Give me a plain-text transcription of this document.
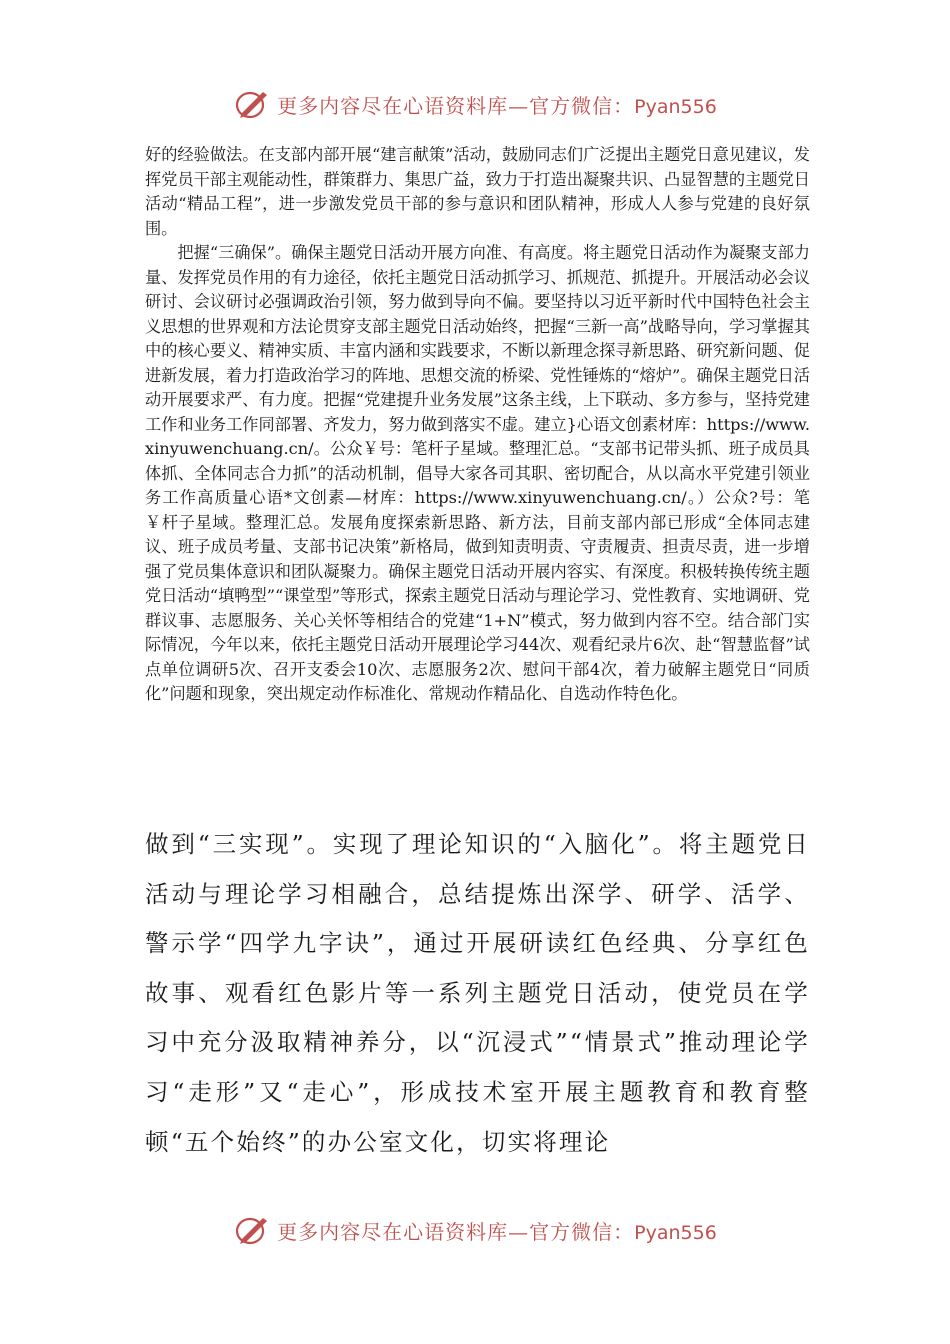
更多内容尽在心语资料库—官方微信：Pyan556

好的经验做法。在支部内部开展“建言献策”活动，鼓励同志们广泛提出主题党日意见建议，发挥党员干部主观能动性，群策群力、集思广益，致力于打造出凝聚共识、凸显智慧的主题党日活动“精品工程”，进一步激发党员干部的参与意识和团队精神，形成人人参与党建的良好氛围。

把握“三确保”。确保主题党日活动开展方向准、有高度。将主题党日活动作为凝聚支部力量、发挥党员作用的有力途径，依托主题党日活动抓学习、抓规范、抓提升。开展活动必会议研讨、会议研讨必强调政治引领，努力做到导向不偏。要坚持以习近平新时代中国特色社会主义思想的世界观和方法论贯穿支部主题党日活动始终，把握“三新一高”战略导向，学习掌握其中的核心要义、精神实质、丰富内涵和实践要求，不断以新理念探寻新思路、研究新问题、促进新发展，着力打造政治学习的阵地、思想交流的桥梁、党性锤炼的“熔炉”。确保主题党日活动开展要求严、有力度。把握“党建提升业务发展”这条主线，上下联动、多方参与，坚持党建工作和业务工作同部署、齐发力，努力做到落实不虚。建立}心语文创素材库：https://www.xinyuwenchuang.cn/。公众￥号：笔杆子星域。整理汇总。“支部书记带头抓、班子成员具体抓、全体同志合力抓”的活动机制，倡导大家各司其职、密切配合，从以高水平党建引领业务工作高质量心语*文创素—材库：https://www.xinyuwenchuang.cn/。）公众?号：笔￥杆子星域。整理汇总。发展角度探索新思路、新方法，目前支部内部已形成“全体同志建议、班子成员考量、支部书记决策”新格局，做到知责明责、守责履责、担责尽责，进一步增强了党员集体意识和团队凝聚力。确保主题党日活动开展内容实、有深度。积极转换传统主题党日活动“填鸭型”“课堂型”等形式，探索主题党日活动与理论学习、党性教育、实地调研、党群议事、志愿服务、关心关怀等相结合的党建“1+N”模式，努力做到内容不空。结合部门实际情况，今年以来，依托主题党日活动开展理论学习44次、观看纪录片6次、赴“智慧监督”试点单位调研5次、召开支委会10次、志愿服务2次、慰问干部4次，着力破解主题党日“同质化”问题和现象，突出规定动作标准化、常规动作精品化、自选动作特色化。

做到“三实现”。实现了理论知识的“入脑化”。将主题党日活动与理论学习相融合，总结提炼出深学、研学、活学、警示学“四学九字诀”，通过开展研读红色经典、分享红色故事、观看红色影片等一系列主题党日活动，使党员在学习中充分汲取精神养分，以“沉浸式”“情景式”推动理论学习“走形”又“走心”，形成技术室开展主题教育和教育整顿“五个始终”的办公室文化，切实将理论

更多内容尽在心语资料库—官方微信：Pyan556
